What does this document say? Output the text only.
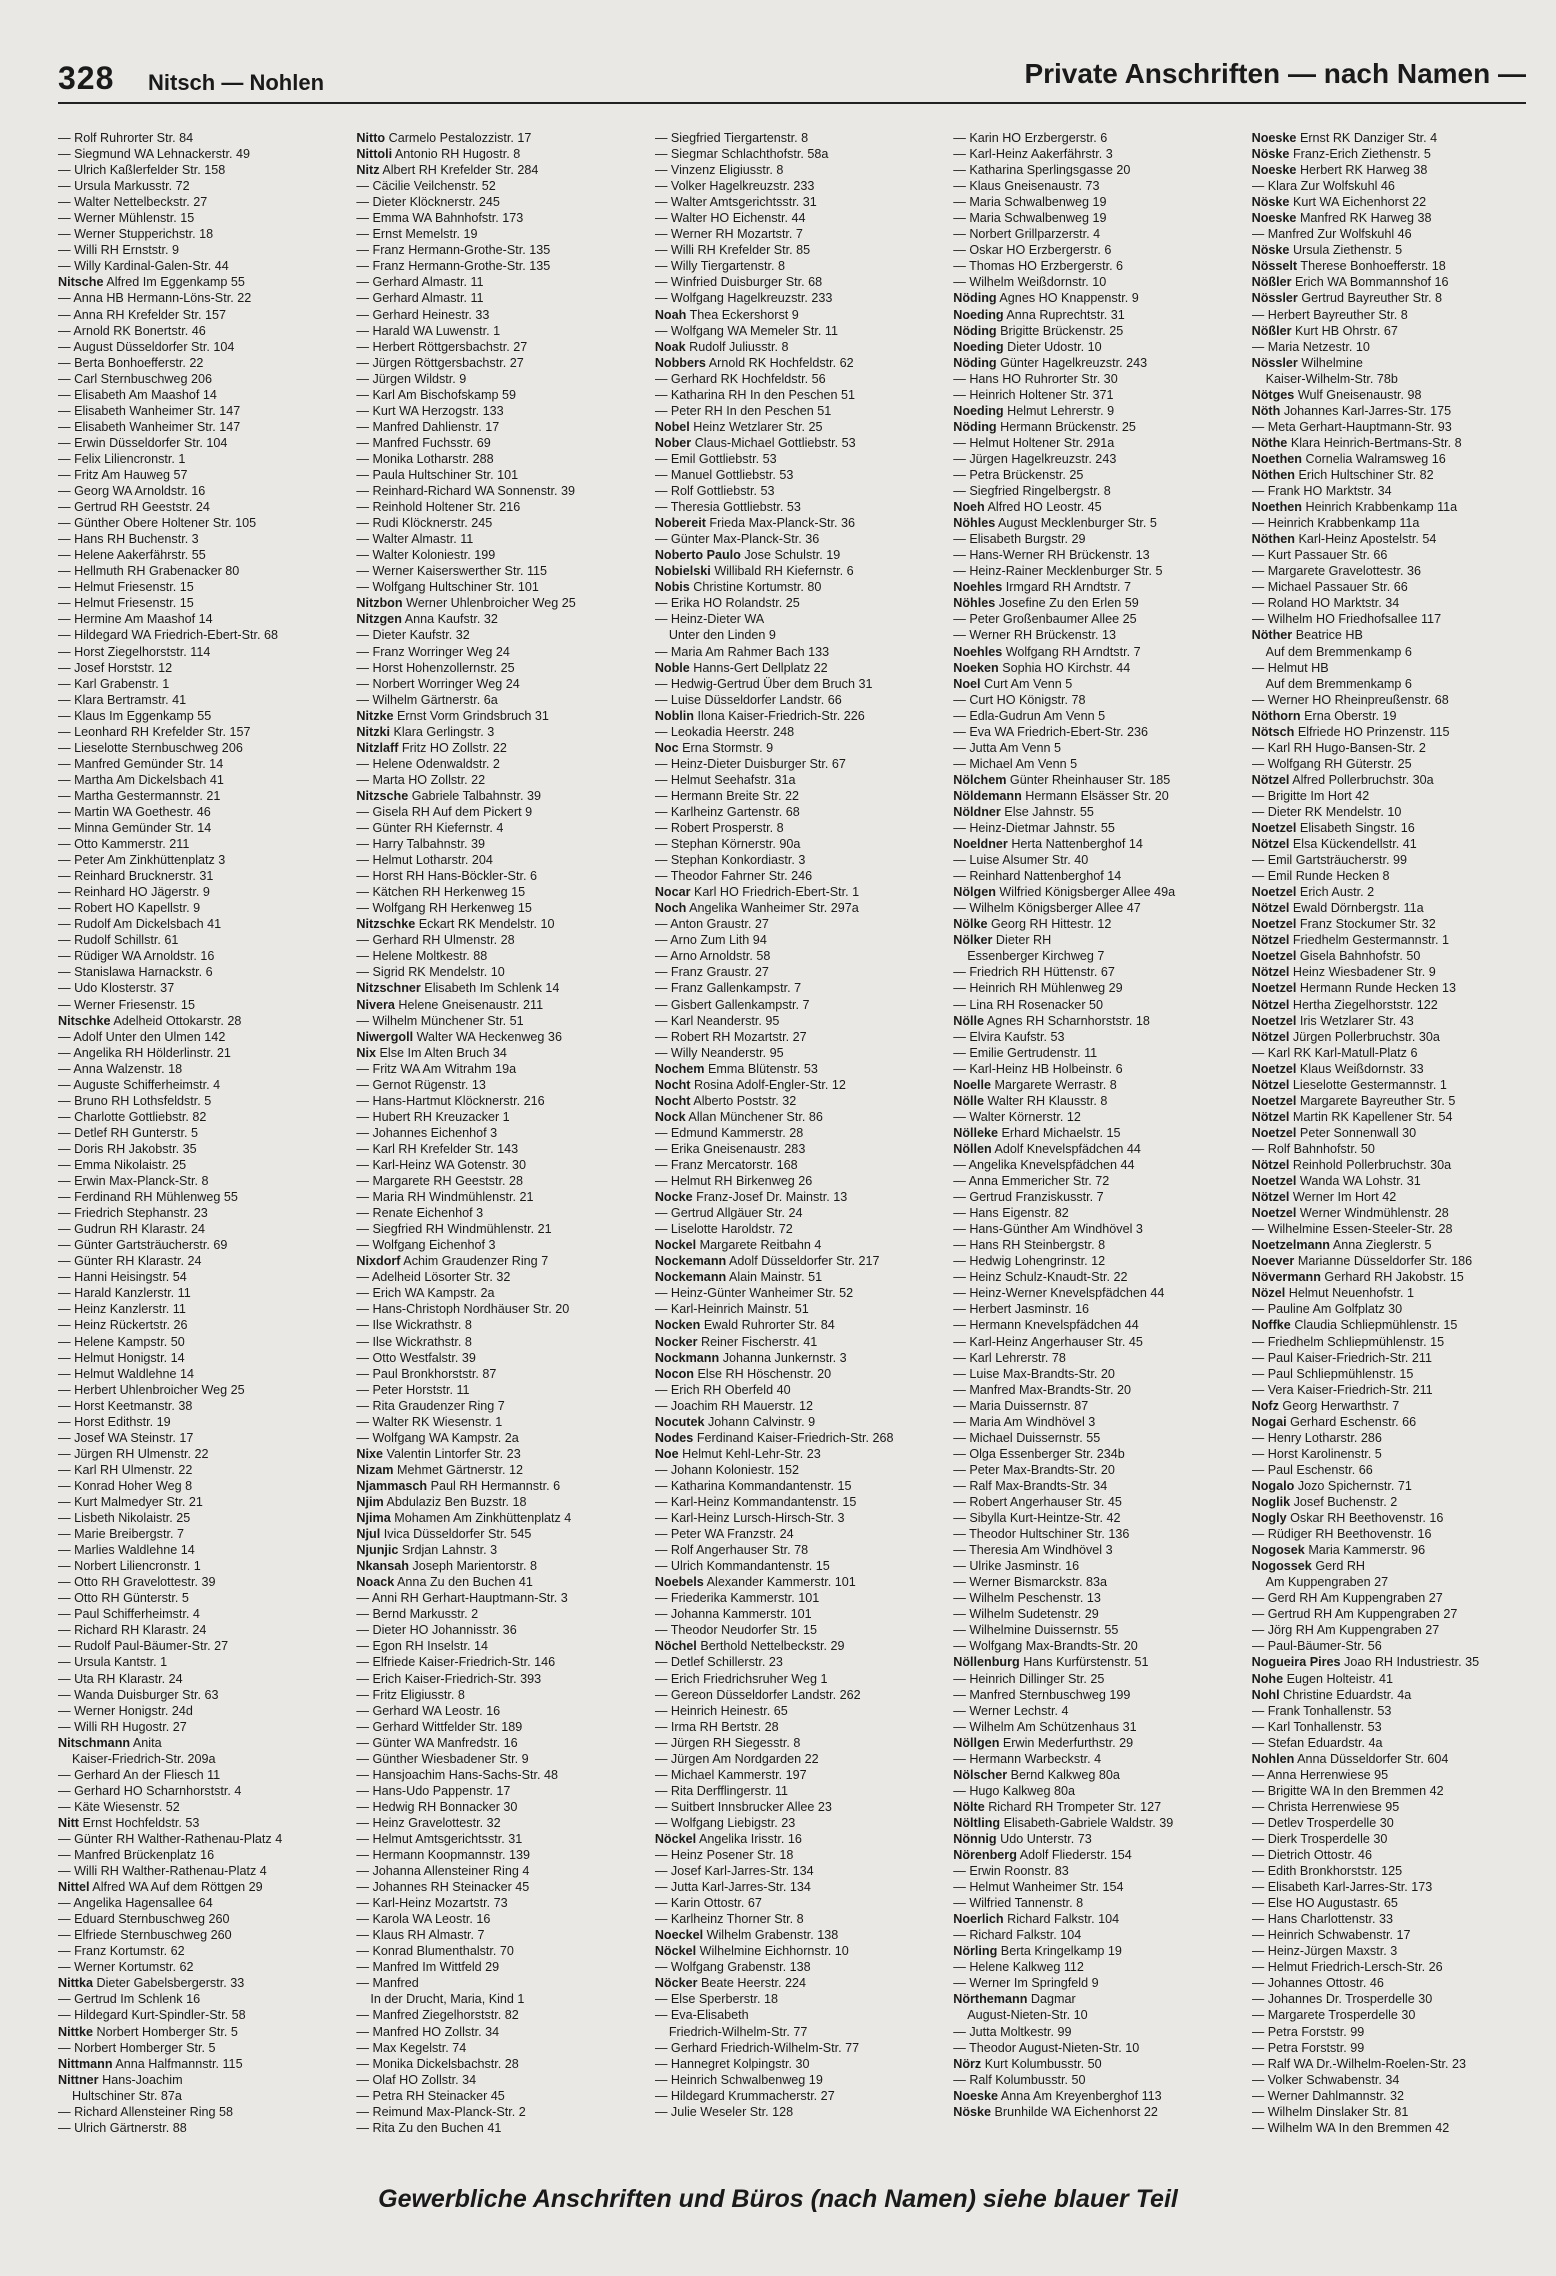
328 Nitsch — Nohlen	Private Anschriften — nach Namen —
— Rolf Ruhrorter Str. 84
— Siegmund WA Lehnackerstr. 49
— Ulrich Kaßlerfelder Str. 158
— Ursula Markusstr. 72
— Walter Nettelbeckstr. 27
— Werner Mühlenstr. 15
— Werner Stupperichstr. 18
— Willi RH Ernststr. 9
— Willy Kardinal-Galen-Str. 44
Nitsche Alfred Im Eggenkamp 55
— Anna HB Hermann-Löns-Str. 22
— Anna RH Krefelder Str. 157
— Arnold RK Bonertstr. 46
— August Düsseldorfer Str. 104
— Berta Bonhoefferstr. 22
— Carl Sternbuschweg 206
— Elisabeth Am Maashof 14
— Elisabeth Wanheimer Str. 147
— Elisabeth Wanheimer Str. 147
— Erwin Düsseldorfer Str. 104
— Felix Liliencronstr. 1
— Fritz Am Hauweg 57
— Georg WA Arnoldstr. 16
— Gertrud RH Geeststr. 24
— Günther Obere Holtener Str. 105
— Hans RH Buchenstr. 3
— Helene Aakerfährstr. 55
— Hellmuth RH Grabenacker 80
— Helmut Friesenstr. 15
— Helmut Friesenstr. 15
— Hermine Am Maashof 14
— Hildegard WA Friedrich-Ebert-Str. 68
— Horst Ziegelhorststr. 114
— Josef Horststr. 12
— Karl Grabenstr. 1
— Klara Bertramstr. 41
— Klaus Im Eggenkamp 55
— Leonhard RH Krefelder Str. 157
— Lieselotte Sternbuschweg 206
— Manfred Gemünder Str. 14
— Martha Am Dickelsbach 41
— Martha Gestermannstr. 21
— Martin WA Goethestr. 46
— Minna Gemünder Str. 14
— Otto Kammerstr. 211
— Peter Am Zinkhüttenplatz 3
— Reinhard Brucknerstr. 31
— Reinhard HO Jägerstr. 9
— Robert HO Kapellstr. 9
— Rudolf Am Dickelsbach 41
— Rudolf Schillstr. 61
— Rüdiger WA Arnoldstr. 16
— Stanislawa Harnackstr. 6
— Udo Klosterstr. 37
— Werner Friesenstr. 15
Nitschke Adelheid Ottokarstr. 28
— Adolf Unter den Ulmen 142
— Angelika RH Hölderlinstr. 21
— Anna Walzenstr. 18
— Auguste Schifferheimstr. 4
— Bruno RH Lothsfeldstr. 5
— Charlotte Gottliebstr. 82
— Detlef RH Gunterstr. 5
— Doris RH Jakobstr. 35
— Emma Nikolaistr. 25
— Erwin Max-Planck-Str. 8
— Ferdinand RH Mühlenweg 55
— Friedrich Stephanstr. 23
— Gudrun RH Klarastr. 24
— Günter Gartsträucherstr. 69
— Günter RH Klarastr. 24
— Hanni Heisingstr. 54
— Harald Kanzlerstr. 11
— Heinz Kanzlerstr. 11
— Heinz Rückertstr. 26
— Helene Kampstr. 50
— Helmut Honigstr. 14
— Helmut Waldlehne 14
— Herbert Uhlenbroicher Weg 25
— Horst Keetmanstr. 38
— Horst Edithstr. 19
— Josef WA Steinstr. 17
— Jürgen RH Ulmenstr. 22
— Karl RH Ulmenstr. 22
— Konrad Hoher Weg 8
— Kurt Malmedyer Str. 21
— Lisbeth Nikolaistr. 25
— Marie Breibergstr. 7
— Marlies Waldlehne 14
— Norbert Liliencronstr. 1
— Otto RH Gravelottestr. 39
— Otto RH Günterstr. 5
— Paul Schifferheimstr. 4
— Richard RH Klarastr. 24
— Rudolf Paul-Bäumer-Str. 27
— Ursula Kantstr. 1
— Uta RH Klarastr. 24
— Wanda Duisburger Str. 63
— Werner Honigstr. 24d
— Willi RH Hugostr. 27
Nitschmann Anita
Kaiser-Friedrich-Str. 209a
— Gerhard An der Fliesch 11
— Gerhard HO Scharnhorststr. 4
— Käte Wiesenstr. 52
Nitt Ernst Hochfeldstr. 53
— Günter RH Walther-Rathenau-Platz 4
— Manfred Brückenplatz 16
— Willi RH Walther-Rathenau-Platz 4
Nittel Alfred WA Auf dem Röttgen 29
— Angelika Hagensallee 64
— Eduard Sternbuschweg 260
— Elfriede Sternbuschweg 260
— Franz Kortumstr. 62
— Werner Kortumstr. 62
Nittka Dieter Gabelsbergerstr. 33
— Gertrud Im Schlenk 16
— Hildegard Kurt-Spindler-Str. 58
Nittke Norbert Homberger Str. 5
— Norbert Homberger Str. 5
Nittmann Anna Halfmannstr. 115
Nittner Hans-Joachim
Hultschiner Str. 87a
— Richard Allensteiner Ring 58
— Ulrich Gärtnerstr. 88
Nitto Carmelo Pestalozzistr. 17
Nittoli Antonio RH Hugostr. 8
Nitz Albert RH Krefelder Str. 284
— Cäcilie Veilchenstr. 52
— Dieter Klöcknerstr. 245
— Emma WA Bahnhofstr. 173
— Ernst Memelstr. 19
— Franz Hermann-Grothe-Str. 135
— Franz Hermann-Grothe-Str. 135
— Gerhard Almastr. 11
— Gerhard Almastr. 11
— Gerhard Heinestr. 33
— Harald WA Luwenstr. 1
— Herbert Röttgersbachstr. 27
— Jürgen Röttgersbachstr. 27
— Jürgen Wildstr. 9
— Karl Am Bischofskamp 59
— Kurt WA Herzogstr. 133
— Manfred Dahlienstr. 17
— Manfred Fuchsstr. 69
— Monika Lotharstr. 288
— Paula Hultschiner Str. 101
— Reinhard-Richard WA Sonnenstr. 39
— Reinhold Holtener Str. 216
— Rudi Klöcknerstr. 245
— Walter Almastr. 11
— Walter Koloniestr. 199
— Werner Kaiserswerther Str. 115
— Wolfgang Hultschiner Str. 101
Nitzbon Werner Uhlenbroicher Weg 25
Nitzgen Anna Kaufstr. 32
— Dieter Kaufstr. 32
— Franz Worringer Weg 24
— Horst Hohenzollernstr. 25
— Norbert Worringer Weg 24
— Wilhelm Gärtnerstr. 6a
Nitzke Ernst Vorm Grindsbruch 31
Nitzki Klara Gerlingstr. 3
Nitzlaff Fritz HO Zollstr. 22
— Helene Odenwaldstr. 2
— Marta HO Zollstr. 22
Nitzsche Gabriele Talbahnstr. 39
— Gisela RH Auf dem Pickert 9
— Günter RH Kiefernstr. 4
— Harry Talbahnstr. 39
— Helmut Lotharstr. 204
— Horst RH Hans-Böckler-Str. 6
— Kätchen RH Herkenweg 15
— Wolfgang RH Herkenweg 15
Nitzschke Eckart RK Mendelstr. 10
— Gerhard RH Ulmenstr. 28
— Helene Moltkestr. 88
— Sigrid RK Mendelstr. 10
Nitzschner Elisabeth Im Schlenk 14
Nivera Helene Gneisenaustr. 211
— Wilhelm Münchener Str. 51
Niwergoll Walter WA Heckenweg 36
Nix Else Im Alten Bruch 34
— Fritz WA Am Witrahm 19a
— Gernot Rügenstr. 13
— Hans-Hartmut Klöcknerstr. 216
— Hubert RH Kreuzacker 1
— Johannes Eichenhof 3
— Karl RH Krefelder Str. 143
— Karl-Heinz WA Gotenstr. 30
— Margarete RH Geeststr. 28
— Maria RH Windmühlenstr. 21
— Renate Eichenhof 3
— Siegfried RH Windmühlenstr. 21
— Wolfgang Eichenhof 3
Nixdorf Achim Graudenzer Ring 7
— Adelheid Lösorter Str. 32
— Erich WA Kampstr. 2a
— Hans-Christoph Nordhäuser Str. 20
— Ilse Wickrathstr. 8
— Ilse Wickrathstr. 8
— Otto Westfalstr. 39
— Paul Bronkhorststr. 87
— Peter Horststr. 11
— Rita Graudenzer Ring 7
— Walter RK Wiesenstr. 1
— Wolfgang WA Kampstr. 2a
Nixe Valentin Lintorfer Str. 23
Nizam Mehmet Gärtnerstr. 12
Njammasch Paul RH Hermannstr. 6
Njim Abdulaziz Ben Buzstr. 18
Njima Mohamen Am Zinkhüttenplatz 4
Njul Ivica Düsseldorfer Str. 545
Njunjic Srdjan Lahnstr. 3
Nkansah Joseph Marientorstr. 8
Noack Anna Zu den Buchen 41
— Anni RH Gerhart-Hauptmann-Str. 3
— Bernd Markusstr. 2
— Dieter HO Johannisstr. 36
— Egon RH Inselstr. 14
— Elfriede Kaiser-Friedrich-Str. 146
— Erich Kaiser-Friedrich-Str. 393
— Fritz Eligiusstr. 8
— Gerhard WA Leostr. 16
— Gerhard Wittfelder Str. 189
— Günter WA Manfredstr. 16
— Günther Wiesbadener Str. 9
— Hansjoachim Hans-Sachs-Str. 48
— Hans-Udo Pappenstr. 17
— Hedwig RH Bonnacker 30
— Heinz Gravelottestr. 32
— Helmut Amtsgerichtsstr. 31
— Hermann Koopmannstr. 139
— Johanna Allensteiner Ring 4
— Johannes RH Steinacker 45
— Karl-Heinz Mozartstr. 73
— Karola WA Leostr. 16
— Klaus RH Almastr. 7
— Konrad Blumenthalstr. 70
— Manfred Im Wittfeld 29
— Manfred
In der Drucht, Maria, Kind 1
— Manfred Ziegelhorststr. 82
— Manfred HO Zollstr. 34
— Max Kegelstr. 74
— Monika Dickelsbachstr. 28
— Olaf HO Zollstr. 34
— Petra RH Steinacker 45
— Reimund Max-Planck-Str. 2
— Rita Zu den Buchen 41
— Siegfried Tiergartenstr. 8
— Siegmar Schlachthofstr. 58a
— Vinzenz Eligiusstr. 8
— Volker Hagelkreuzstr. 233
— Walter Amtsgerichtsstr. 31
— Walter HO Eichenstr. 44
— Werner RH Mozartstr. 7
— Willi RH Krefelder Str. 85
— Willy Tiergartenstr. 8
— Winfried Duisburger Str. 68
— Wolfgang Hagelkreuzstr. 233
Noah Thea Eckershorst 9
— Wolfgang WA Memeler Str. 11
Noak Rudolf Juliusstr. 8
Nobbers Arnold RK Hochfeldstr. 62
— Gerhard RK Hochfeldstr. 56
— Katharina RH In den Peschen 51
— Peter RH In den Peschen 51
Nobel Heinz Wetzlarer Str. 25
Nober Claus-Michael Gottliebstr. 53
— Emil Gottliebstr. 53
— Manuel Gottliebstr. 53
— Rolf Gottliebstr. 53
— Theresia Gottliebstr. 53
Nobereit Frieda Max-Planck-Str. 36
— Günter Max-Planck-Str. 36
Noberto Paulo Jose Schulstr. 19
Nobielski Willibald RH Kiefernstr. 6
Nobis Christine Kortumstr. 80
— Erika HO Rolandstr. 25
— Heinz-Dieter WA
Unter den Linden 9
— Maria Am Rahmer Bach 133
Noble Hanns-Gert Dellplatz 22
— Hedwig-Gertrud Über dem Bruch 31
— Luise Düsseldorfer Landstr. 66
Noblin Ilona Kaiser-Friedrich-Str. 226
— Leokadia Heerstr. 248
Noc Erna Stormstr. 9
— Heinz-Dieter Duisburger Str. 67
— Helmut Seehafstr. 31a
— Hermann Breite Str. 22
— Karlheinz Gartenstr. 68
— Robert Prosperstr. 8
— Stephan Körnerstr. 90a
— Stephan Konkordiastr. 3
— Theodor Fahrner Str. 246
Nocar Karl HO Friedrich-Ebert-Str. 1
Noch Angelika Wanheimer Str. 297a
— Anton Graustr. 27
— Arno Zum Lith 94
— Arno Arnoldstr. 58
— Franz Graustr. 27
— Franz Gallenkampstr. 7
— Gisbert Gallenkampstr. 7
— Karl Neanderstr. 95
— Robert RH Mozartstr. 27
— Willy Neanderstr. 95
Nochem Emma Blütenstr. 53
Nocht Rosina Adolf-Engler-Str. 12
Nocht Alberto Poststr. 32
Nock Allan Münchener Str. 86
— Edmund Kammerstr. 28
— Erika Gneisenaustr. 283
— Franz Mercatorstr. 168
— Helmut RH Birkenweg 26
Nocke Franz-Josef Dr. Mainstr. 13
— Gertrud Allgäuer Str. 24
— Liselotte Haroldstr. 72
Nockel Margarete Reitbahn 4
Nockemann Adolf Düsseldorfer Str. 217
Nockemann Alain Mainstr. 51
— Heinz-Günter Wanheimer Str. 52
— Karl-Heinrich Mainstr. 51
Nocken Ewald Ruhrorter Str. 84
Nocker Reiner Fischerstr. 41
Nockmann Johanna Junkernstr. 3
Nocon Else RH Höschenstr. 20
— Erich RH Oberfeld 40
— Joachim RH Mauerstr. 12
Nocutek Johann Calvinstr. 9
Nodes Ferdinand Kaiser-Friedrich-Str. 268
Noe Helmut Kehl-Lehr-Str. 23
— Johann Koloniestr. 152
— Katharina Kommandantenstr. 15
— Karl-Heinz Kommandantenstr. 15
— Karl-Heinz Lursch-Hirsch-Str. 3
— Peter WA Franzstr. 24
— Rolf Angerhauser Str. 78
— Ulrich Kommandantenstr. 15
Noebels Alexander Kammerstr. 101
— Friederika Kammerstr. 101
— Johanna Kammerstr. 101
— Theodor Neudorfer Str. 15
Nöchel Berthold Nettelbeckstr. 29
— Detlef Schillerstr. 23
— Erich Friedrichsruher Weg 1
— Gereon Düsseldorfer Landstr. 262
— Heinrich Heinestr. 65
— Irma RH Bertstr. 28
— Jürgen RH Siegesstr. 8
— Jürgen Am Nordgarden 22
— Michael Kammerstr. 197
— Rita Derfflingerstr. 11
— Suitbert Innsbrucker Allee 23
— Wolfgang Liebigstr. 23
Nöckel Angelika Irisstr. 16
— Heinz Posener Str. 18
— Josef Karl-Jarres-Str. 134
— Jutta Karl-Jarres-Str. 134
— Karin Ottostr. 67
— Karlheinz Thorner Str. 8
Noeckel Wilhelm Grabenstr. 138
Nöckel Wilhelmine Eichhornstr. 10
— Wolfgang Grabenstr. 138
Nöcker Beate Heerstr. 224
— Else Sperberstr. 18
— Eva-Elisabeth
Friedrich-Wilhelm-Str. 77
— Gerhard Friedrich-Wilhelm-Str. 77
— Hannegret Kolpingstr. 30
— Heinrich Schwalbenweg 19
— Hildegard Krummacherstr. 27
— Julie Weseler Str. 128
— Karin HO Erzbergerstr. 6
— Karl-Heinz Aakerfährstr. 3
— Katharina Sperlingsgasse 20
— Klaus Gneisenaustr. 73
— Maria Schwalbenweg 19
— Maria Schwalbenweg 19
— Norbert Grillparzerstr. 4
— Oskar HO Erzbergerstr. 6
— Thomas HO Erzbergerstr. 6
— Wilhelm Weißdornstr. 10
Nöding Agnes HO Knappenstr. 9
Noeding Anna Ruprechtstr. 31
Nöding Brigitte Brückenstr. 25
Noeding Dieter Udostr. 10
Nöding Günter Hagelkreuzstr. 243
— Hans HO Ruhrorter Str. 30
— Heinrich Holtener Str. 371
Noeding Helmut Lehrerstr. 9
Nöding Hermann Brückenstr. 25
— Helmut Holtener Str. 291a
— Jürgen Hagelkreuzstr. 243
— Petra Brückenstr. 25
— Siegfried Ringelbergstr. 8
Noeh Alfred HO Leostr. 45
Nöhles August Mecklenburger Str. 5
— Elisabeth Burgstr. 29
— Hans-Werner RH Brückenstr. 13
— Heinz-Rainer Mecklenburger Str. 5
Noehles Irmgard RH Arndtstr. 7
Nöhles Josefine Zu den Erlen 59
— Peter Großenbaumer Allee 25
— Werner RH Brückenstr. 13
Noehles Wolfgang RH Arndtstr. 7
Noeken Sophia HO Kirchstr. 44
Noel Curt Am Venn 5
— Curt HO Königstr. 78
— Edla-Gudrun Am Venn 5
— Eva WA Friedrich-Ebert-Str. 236
— Jutta Am Venn 5
— Michael Am Venn 5
Nölchem Günter Rheinhauser Str. 185
Nöldemann Hermann Elsässer Str. 20
Nöldner Else Jahnstr. 55
— Heinz-Dietmar Jahnstr. 55
Noeldner Herta Nattenberghof 14
— Luise Alsumer Str. 40
— Reinhard Nattenberghof 14
Nölgen Wilfried Königsberger Allee 49a
— Wilhelm Königsberger Allee 47
Nölke Georg RH Hittestr. 12
Nölker Dieter RH
Essenberger Kirchweg 7
— Friedrich RH Hüttenstr. 67
— Heinrich RH Mühlenweg 29
— Lina RH Rosenacker 50
Nölle Agnes RH Scharnhorststr. 18
— Elvira Kaufstr. 53
— Emilie Gertrudenstr. 11
— Karl-Heinz HB Holbeinstr. 6
Noelle Margarete Werrastr. 8
Nölle Walter RH Klausstr. 8
— Walter Körnerstr. 12
Nölleke Erhard Michaelstr. 15
Nöllen Adolf Knevelspfädchen 44
— Angelika Knevelspfädchen 44
— Anna Emmericher Str. 72
— Gertrud Franziskusstr. 7
— Hans Eigenstr. 82
— Hans-Günther Am Windhövel 3
— Hans RH Steinbergstr. 8
— Hedwig Lohengrinstr. 12
— Heinz Schulz-Knaudt-Str. 22
— Heinz-Werner Knevelspfädchen 44
— Herbert Jasminstr. 16
— Hermann Knevelspfädchen 44
— Karl-Heinz Angerhauser Str. 45
— Karl Lehrerstr. 78
— Luise Max-Brandts-Str. 20
— Manfred Max-Brandts-Str. 20
— Maria Duissernstr. 87
— Maria Am Windhövel 3
— Michael Duissernstr. 55
— Olga Essenberger Str. 234b
— Peter Max-Brandts-Str. 20
— Ralf Max-Brandts-Str. 34
— Robert Angerhauser Str. 45
— Sibylla Kurt-Heintze-Str. 42
— Theodor Hultschiner Str. 136
— Theresia Am Windhövel 3
— Ulrike Jasminstr. 16
— Werner Bismarckstr. 83a
— Wilhelm Peschenstr. 13
— Wilhelm Sudetenstr. 29
— Wilhelmine Duissernstr. 55
— Wolfgang Max-Brandts-Str. 20
Nöllenburg Hans Kurfürstenstr. 51
— Heinrich Dillinger Str. 25
— Manfred Sternbuschweg 199
— Werner Lechstr. 4
— Wilhelm Am Schützenhaus 31
Nöllgen Erwin Mederfurthstr. 29
— Hermann Warbeckstr. 4
Nölscher Bernd Kalkweg 80a
— Hugo Kalkweg 80a
Nölte Richard RH Trompeter Str. 127
Nöltling Elisabeth-Gabriele Waldstr. 39
Nönnig Udo Unterstr. 73
Nörenberg Adolf Fliederstr. 154
— Erwin Roonstr. 83
— Helmut Wanheimer Str. 154
— Wilfried Tannenstr. 8
Noerlich Richard Falkstr. 104
— Richard Falkstr. 104
Nörling Berta Kringelkamp 19
— Helene Kalkweg 112
— Werner Im Springfeld 9
Nörthemann Dagmar
August-Nieten-Str. 10
— Jutta Moltkestr. 99
— Theodor August-Nieten-Str. 10
Nörz Kurt Kolumbusstr. 50
— Ralf Kolumbusstr. 50
Noeske Anna Am Kreyenberghof 113
Nöske Brunhilde WA Eichenhorst 22
Noeske Ernst RK Danziger Str. 4
Nöske Franz-Erich Ziethenstr. 5
Noeske Herbert RK Harweg 38
— Klara Zur Wolfskuhl 46
Nöske Kurt WA Eichenhorst 22
Noeske Manfred RK Harweg 38
— Manfred Zur Wolfskuhl 46
Nöske Ursula Ziethenstr. 5
Nösselt Therese Bonhoefferstr. 18
Nößler Erich WA Bommannshof 16
Nössler Gertrud Bayreuther Str. 8
— Herbert Bayreuther Str. 8
Nößler Kurt HB Ohrstr. 67
— Maria Netzestr. 10
Nössler Wilhelmine
Kaiser-Wilhelm-Str. 78b
Nötges Wulf Gneisenaustr. 98
Nöth Johannes Karl-Jarres-Str. 175
— Meta Gerhart-Hauptmann-Str. 93
Nöthe Klara Heinrich-Bertmans-Str. 8
Noethen Cornelia Walramsweg 16
Nöthen Erich Hultschiner Str. 82
— Frank HO Marktstr. 34
Noethen Heinrich Krabbenkamp 11a
— Heinrich Krabbenkamp 11a
Nöthen Karl-Heinz Apostelstr. 54
— Kurt Passauer Str. 66
— Margarete Gravelottestr. 36
— Michael Passauer Str. 66
— Roland HO Marktstr. 34
— Wilhelm HO Friedhofsallee 117
Nöther Beatrice HB
Auf dem Bremmenkamp 6
— Helmut HB
Auf dem Bremmenkamp 6
— Werner HO Rheinpreußenstr. 68
Nöthorn Erna Oberstr. 19
Nötsch Elfriede HO Prinzenstr. 115
— Karl RH Hugo-Bansen-Str. 2
— Wolfgang RH Güterstr. 25
Nötzel Alfred Pollerbruchstr. 30a
— Brigitte Im Hort 42
— Dieter RK Mendelstr. 10
Noetzel Elisabeth Singstr. 16
Nötzel Elsa Kückendellstr. 41
— Emil Gartsträucherstr. 99
— Emil Runde Hecken 8
Noetzel Erich Austr. 2
Nötzel Ewald Dörnbergstr. 11a
Noetzel Franz Stockumer Str. 32
Nötzel Friedhelm Gestermannstr. 1
Noetzel Gisela Bahnhofstr. 50
Nötzel Heinz Wiesbadener Str. 9
Noetzel Hermann Runde Hecken 13
Nötzel Hertha Ziegelhorststr. 122
Noetzel Iris Wetzlarer Str. 43
Nötzel Jürgen Pollerbruchstr. 30a
— Karl RK Karl-Matull-Platz 6
Noetzel Klaus Weißdornstr. 33
Nötzel Lieselotte Gestermannstr. 1
Noetzel Margarete Bayreuther Str. 5
Nötzel Martin RK Kapellener Str. 54
Noetzel Peter Sonnenwall 30
— Rolf Bahnhofstr. 50
Nötzel Reinhold Pollerbruchstr. 30a
Noetzel Wanda WA Lohstr. 31
Nötzel Werner Im Hort 42
Noetzel Werner Windmühlenstr. 28
— Wilhelmine Essen-Steeler-Str. 28
Noetzelmann Anna Zieglerstr. 5
Noever Marianne Düsseldorfer Str. 186
Növermann Gerhard RH Jakobstr. 15
Nözel Helmut Neuenhofstr. 1
— Pauline Am Golfplatz 30
Noffke Claudia Schliepmühlenstr. 15
— Friedhelm Schliepmühlenstr. 15
— Paul Kaiser-Friedrich-Str. 211
— Paul Schliepmühlenstr. 15
— Vera Kaiser-Friedrich-Str. 211
Nofz Georg Herwarthstr. 7
Nogai Gerhard Eschenstr. 66
— Henry Lotharstr. 286
— Horst Karolinenstr. 5
— Paul Eschenstr. 66
Nogalo Jozo Spichernstr. 71
Noglik Josef Buchenstr. 2
Nogly Oskar RH Beethovenstr. 16
— Rüdiger RH Beethovenstr. 16
Nogosek Maria Kammerstr. 96
Nogossek Gerd RH
Am Kuppengraben 27
— Gerd RH Am Kuppengraben 27
— Gertrud RH Am Kuppengraben 27
— Jörg RH Am Kuppengraben 27
— Paul-Bäumer-Str. 56
Nogueira Pires Joao RH Industriestr. 35
Nohe Eugen Holteistr. 41
Nohl Christine Eduardstr. 4a
— Frank Tonhallenstr. 53
— Karl Tonhallenstr. 53
— Stefan Eduardstr. 4a
Nohlen Anna Düsseldorfer Str. 604
— Anna Herrenwiese 95
— Brigitte WA In den Bremmen 42
— Christa Herrenwiese 95
— Detlev Trosperdelle 30
— Dierk Trosperdelle 30
— Dietrich Ottostr. 46
— Edith Bronkhorststr. 125
— Elisabeth Karl-Jarres-Str. 173
— Else HO Augustastr. 65
— Hans Charlottenstr. 33
— Heinrich Schwabenstr. 17
— Heinz-Jürgen Maxstr. 3
— Helmut Friedrich-Lersch-Str. 26
— Johannes Ottostr. 46
— Johannes Dr. Trosperdelle 30
— Margarete Trosperdelle 30
— Petra Forststr. 99
— Petra Forststr. 99
— Ralf WA Dr.-Wilhelm-Roelen-Str. 23
— Volker Schwabenstr. 34
— Werner Dahlmannstr. 32
— Wilhelm Dinslaker Str. 81
— Wilhelm WA In den Bremmen 42
Gewerbliche Anschriften und Büros (nach Namen) siehe blauer Teil
